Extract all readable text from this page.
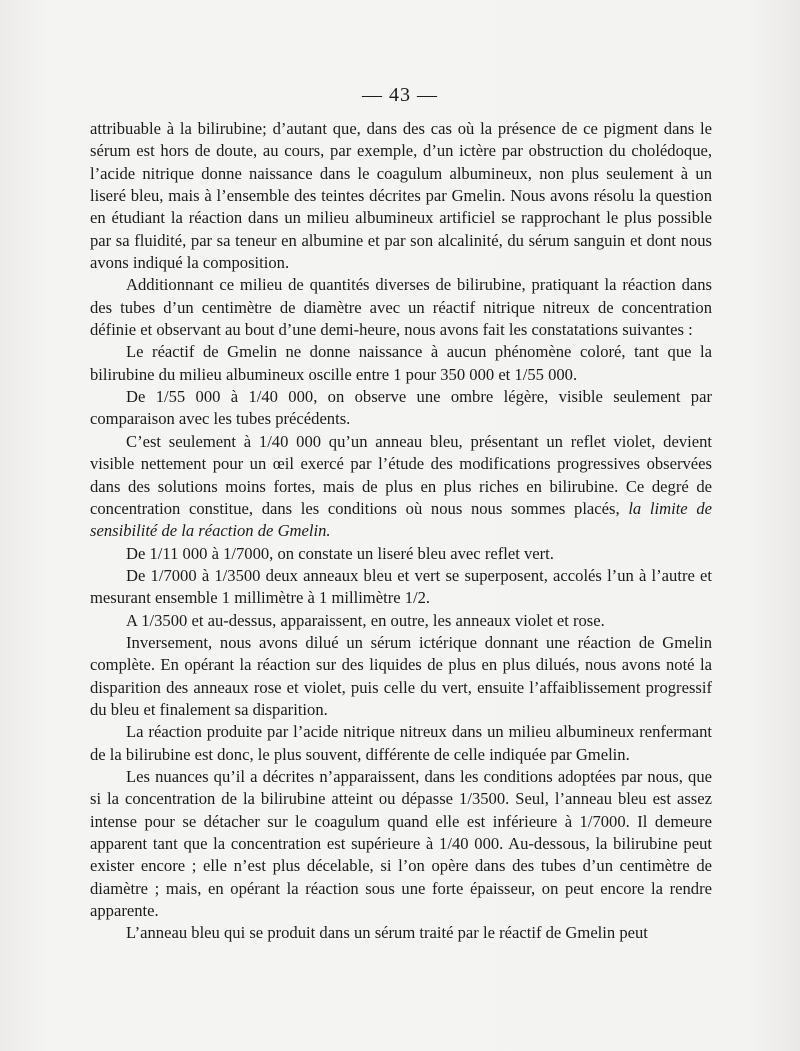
— 43 —

attribuable à la bilirubine; d’autant que, dans des cas où la présence de ce pigment dans le sérum est hors de doute, au cours, par exemple, d’un ictère par obstruction du cholédoque, l’acide nitrique donne naissance dans le coagulum albumineux, non plus seulement à un liseré bleu, mais à l’ensemble des teintes décrites par Gmelin. Nous avons résolu la question en étudiant la réaction dans un milieu albumineux artificiel se rapprochant le plus possible par sa fluidité, par sa teneur en albumine et par son alcalinité, du sérum sanguin et dont nous avons indiqué la composition.

Additionnant ce milieu de quantités diverses de bilirubine, pratiquant la réaction dans des tubes d’un centimètre de diamètre avec un réactif nitrique nitreux de concentration définie et observant au bout d’une demi-heure, nous avons fait les constatations suivantes :

Le réactif de Gmelin ne donne naissance à aucun phénomène coloré, tant que la bilirubine du milieu albumineux oscille entre 1 pour 350 000 et 1/55 000.

De 1/55 000 à 1/40 000, on observe une ombre légère, visible seulement par comparaison avec les tubes précédents.

C’est seulement à 1/40 000 qu’un anneau bleu, présentant un reflet violet, devient visible nettement pour un œil exercé par l’étude des modifications progressives observées dans des solutions moins fortes, mais de plus en plus riches en bilirubine. Ce degré de concentration constitue, dans les conditions où nous nous sommes placés, la limite de sensibilité de la réaction de Gmelin.

De 1/11 000 à 1/7000, on constate un liseré bleu avec reflet vert.

De 1/7000 à 1/3500 deux anneaux bleu et vert se superposent, accolés l’un à l’autre et mesurant ensemble 1 millimètre à 1 millimètre 1/2.

A 1/3500 et au-dessus, apparaissent, en outre, les anneaux violet et rose.

Inversement, nous avons dilué un sérum ictérique donnant une réaction de Gmelin complète. En opérant la réaction sur des liquides de plus en plus dilués, nous avons noté la disparition des anneaux rose et violet, puis celle du vert, ensuite l’affaiblissement progressif du bleu et finalement sa disparition.

La réaction produite par l’acide nitrique nitreux dans un milieu albumineux renfermant de la bilirubine est donc, le plus souvent, différente de celle indiquée par Gmelin.

Les nuances qu’il a décrites n’apparaissent, dans les conditions adoptées par nous, que si la concentration de la bilirubine atteint ou dépasse 1/3500. Seul, l’anneau bleu est assez intense pour se détacher sur le coagulum quand elle est inférieure à 1/7000. Il demeure apparent tant que la concentration est supérieure à 1/40 000. Au-dessous, la bilirubine peut exister encore ; elle n’est plus décelable, si l’on opère dans des tubes d’un centimètre de diamètre ; mais, en opérant la réaction sous une forte épaisseur, on peut encore la rendre apparente.

L’anneau bleu qui se produit dans un sérum traité par le réactif de Gmelin peut
